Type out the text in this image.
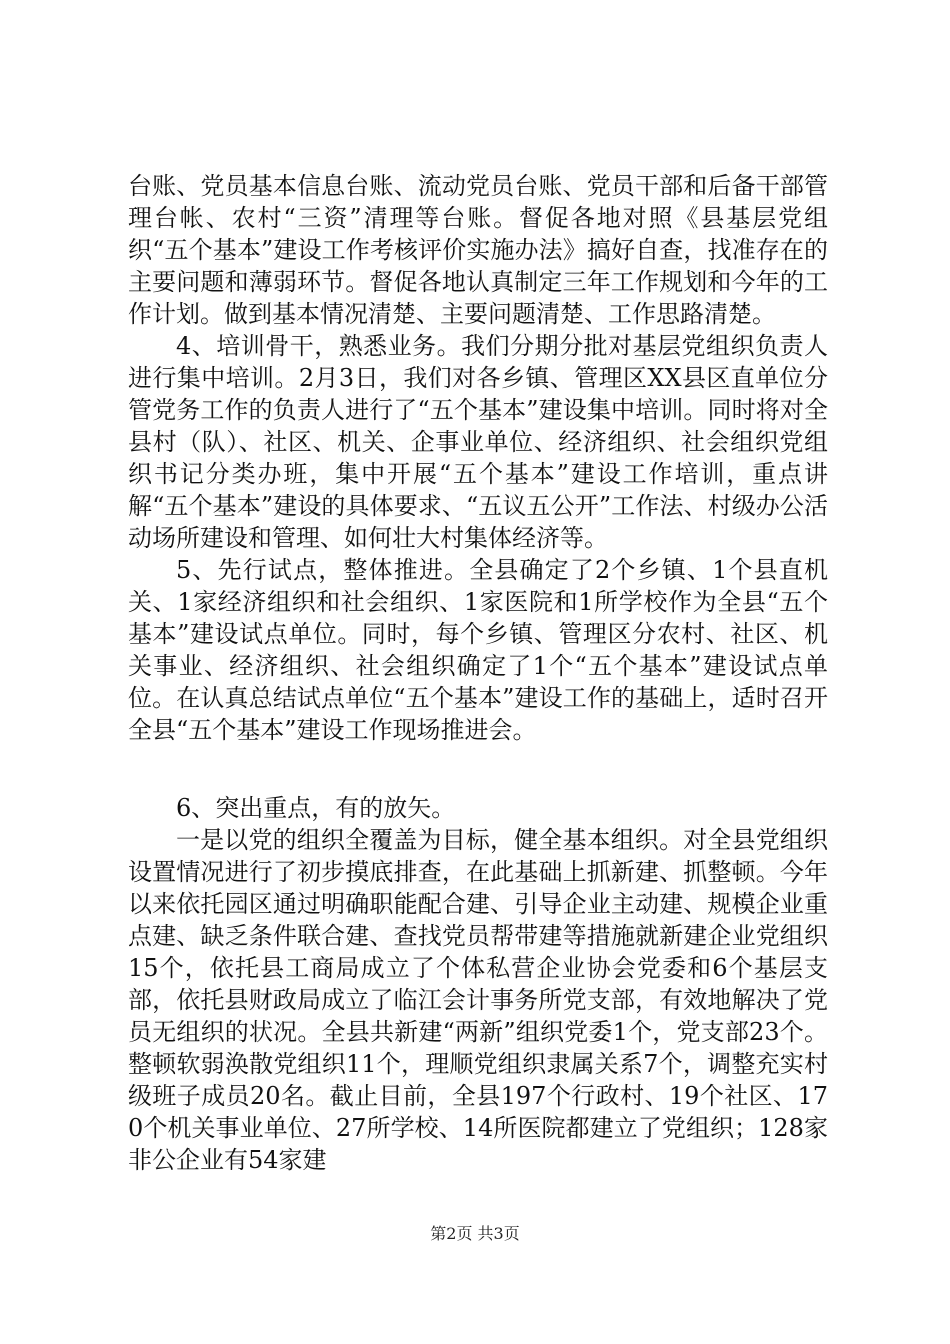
台账、党员基本信息台账、流动党员台账、党员干部和后备干部管理台帐、农村“三资”清理等台账。督促各地对照《县基层党组织“五个基本”建设工作考核评价实施办法》搞好自查，找准存在的主要问题和薄弱环节。督促各地认真制定三年工作规划和今年的工作计划。做到基本情况清楚、主要问题清楚、工作思路清楚。

4、培训骨干，熟悉业务。我们分期分批对基层党组织负责人进行集中培训。2月3日，我们对各乡镇、管理区XX县区直单位分管党务工作的负责人进行了“五个基本”建设集中培训。同时将对全县村（队）、社区、机关、企事业单位、经济组织、社会组织党组织书记分类办班，集中开展“五个基本”建设工作培训，重点讲解“五个基本”建设的具体要求、“五议五公开”工作法、村级办公活动场所建设和管理、如何壮大村集体经济等。

5、先行试点，整体推进。全县确定了2个乡镇、1个县直机关、1家经济组织和社会组织、1家医院和1所学校作为全县“五个基本”建设试点单位。同时，每个乡镇、管理区分农村、社区、机关事业、经济组织、社会组织确定了1个“五个基本”建设试点单位。在认真总结试点单位“五个基本”建设工作的基础上，适时召开全县“五个基本”建设工作现场推进会。

6、突出重点，有的放矢。

一是以党的组织全覆盖为目标，健全基本组织。对全县党组织设置情况进行了初步摸底排查，在此基础上抓新建、抓整顿。今年以来依托园区通过明确职能配合建、引导企业主动建、规模企业重点建、缺乏条件联合建、查找党员帮带建等措施就新建企业党组织15个，依托县工商局成立了个体私营企业协会党委和6个基层支部，依托县财政局成立了临江会计事务所党支部，有效地解决了党员无组织的状况。全县共新建“两新”组织党委1个，党支部23个。整顿软弱涣散党组织11个，理顺党组织隶属关系7个，调整充实村级班子成员20名。截止目前，全县197个行政村、19个社区、170个机关事业单位、27所学校、14所医院都建立了党组织；128家非公企业有54家建

第2页 共3页
